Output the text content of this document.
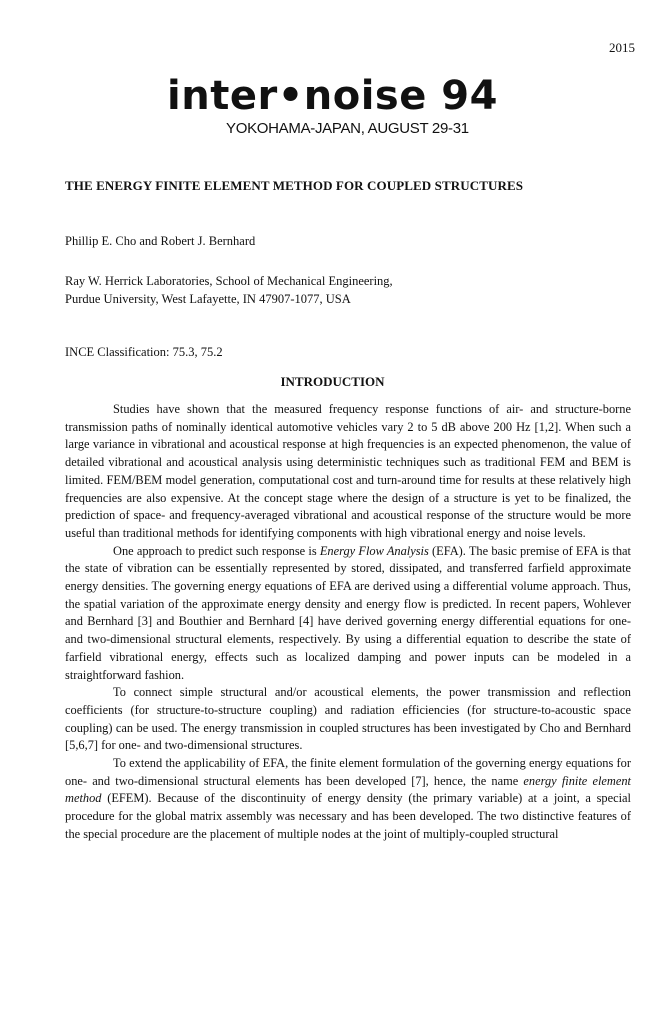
2015
inter•noise 94
YOKOHAMA-JAPAN, AUGUST 29-31
THE ENERGY FINITE ELEMENT METHOD FOR COUPLED STRUCTURES
Phillip E. Cho and Robert J. Bernhard
Ray W. Herrick Laboratories, School of Mechanical Engineering,
Purdue University, West Lafayette, IN 47907-1077, USA
INCE Classification: 75.3, 75.2
INTRODUCTION

Studies have shown that the measured frequency response functions of air- and structure-borne transmission paths of nominally identical automotive vehicles vary 2 to 5 dB above 200 Hz [1,2]. When such a large variance in vibrational and acoustical response at high frequencies is an expected phenomenon, the value of detailed vibrational and acoustical analysis using deterministic techniques such as traditional FEM and BEM is limited. FEM/BEM model generation, computational cost and turn-around time for results at these relatively high frequencies are also expensive. At the concept stage where the design of a structure is yet to be finalized, the prediction of space- and frequency-averaged vibrational and acoustical response of the structure would be more useful than traditional methods for identifying components with high vibrational energy and noise levels.

One approach to predict such response is Energy Flow Analysis (EFA). The basic premise of EFA is that the state of vibration can be essentially represented by stored, dissipated, and transferred farfield approximate energy densities. The governing energy equations of EFA are derived using a differential volume approach. Thus, the spatial variation of the approximate energy density and energy flow is predicted. In recent papers, Wohlever and Bernhard [3] and Bouthier and Bernhard [4] have derived governing energy differential equations for one- and two-dimensional structural elements, respectively. By using a differential equation to describe the state of farfield vibrational energy, effects such as localized damping and power inputs can be modeled in a straightforward fashion.

To connect simple structural and/or acoustical elements, the power transmission and reflection coefficients (for structure-to-structure coupling) and radiation efficiencies (for structure-to-acoustic space coupling) can be used. The energy transmission in coupled structures has been investigated by Cho and Bernhard [5,6,7] for one- and two-dimensional structures.

To extend the applicability of EFA, the finite element formulation of the governing energy equations for one- and two-dimensional structural elements has been developed [7], hence, the name energy finite element method (EFEM). Because of the discontinuity of energy density (the primary variable) at a joint, a special procedure for the global matrix assembly was necessary and has been developed. The two distinctive features of the special procedure are the placement of multiple nodes at the joint of multiply-coupled structural
